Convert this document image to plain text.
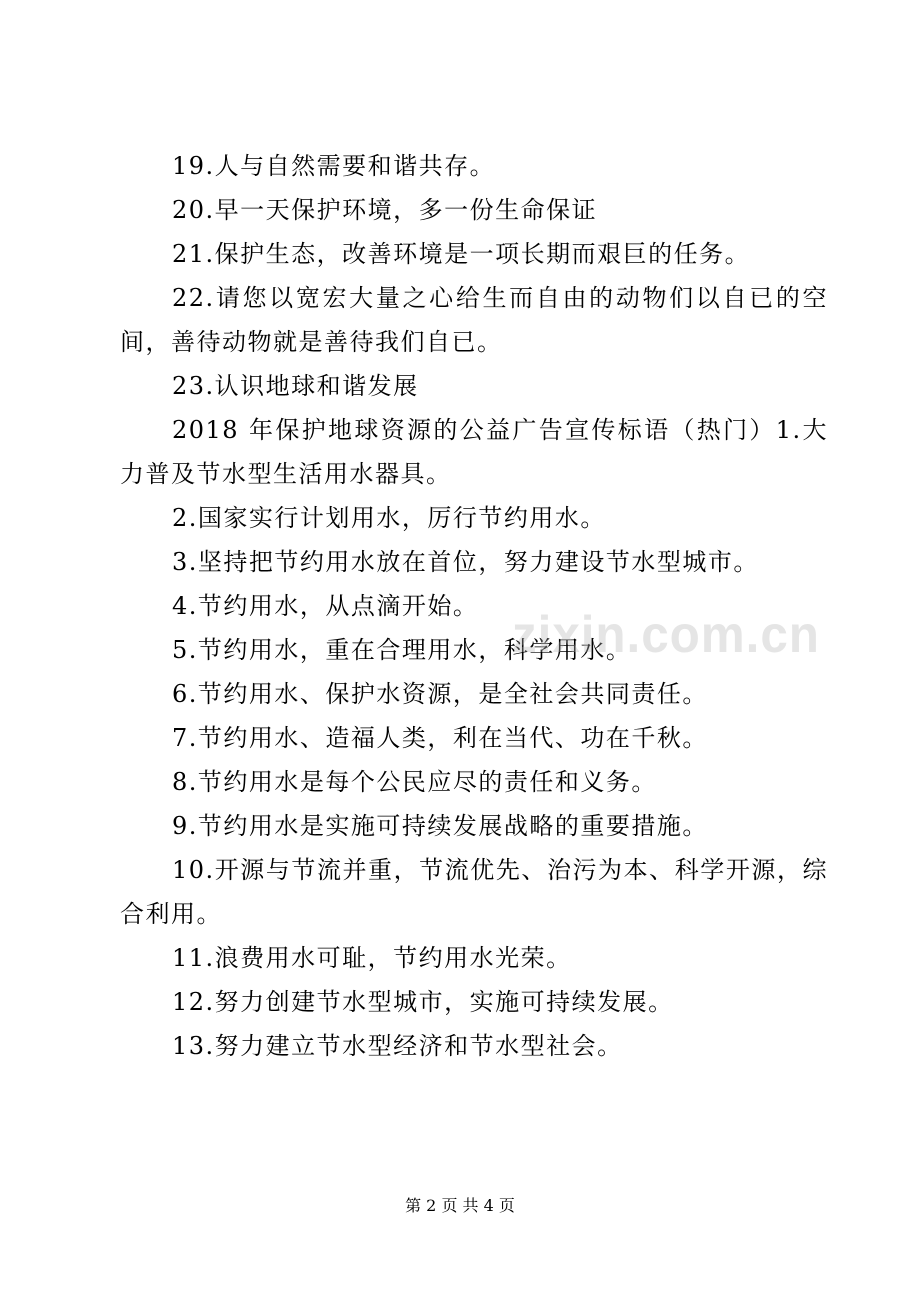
19.人与自然需要和谐共存。

20.早一天保护环境，多一份生命保证

21.保护生态，改善环境是一项长期而艰巨的任务。

22.请您以宽宏大量之心给生而自由的动物们以自已的空间，善待动物就是善待我们自已。

23.认识地球和谐发展

2018 年保护地球资源的公益广告宣传标语（热门）1.大力普及节水型生活用水器具。

2.国家实行计划用水，厉行节约用水。

3.坚持把节约用水放在首位，努力建设节水型城市。

4.节约用水，从点滴开始。

5.节约用水，重在合理用水，科学用水。

6.节约用水、保护水资源，是全社会共同责任。

7.节约用水、造福人类，利在当代、功在千秋。

8.节约用水是每个公民应尽的责任和义务。

9.节约用水是实施可持续发展战略的重要措施。

10.开源与节流并重，节流优先、治污为本、科学开源，综合利用。

11.浪费用水可耻，节约用水光荣。

12.努力创建节水型城市，实施可持续发展。

13.努力建立节水型经济和节水型社会。

zixin.com.cn
第 2 页 共 4 页
